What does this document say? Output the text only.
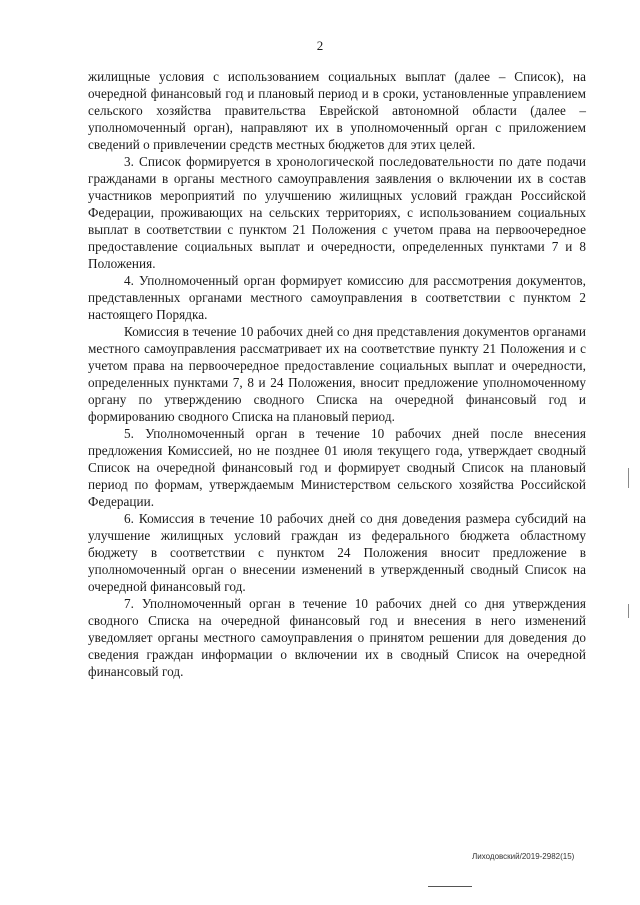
2

жилищные условия с использованием социальных выплат (далее – Список), на очередной финансовый год и плановый период и в сроки, установленные управлением сельского хозяйства правительства Еврейской автономной области (далее – уполномоченный орган), направляют их в уполномоченный орган с приложением сведений о привлечении средств местных бюджетов для этих целей.

3. Список формируется в хронологической последовательности по дате подачи гражданами в органы местного самоуправления заявления о включении их в состав участников мероприятий по улучшению жилищных условий граждан Российской Федерации, проживающих на сельских территориях, с использованием социальных выплат в соответствии с пунктом 21 Положения с учетом права на первоочередное предоставление социальных выплат и очередности, определенных пунктами 7 и 8 Положения.

4. Уполномоченный орган формирует комиссию для рассмотрения документов, представленных органами местного самоуправления в соответствии с пунктом 2 настоящего Порядка.

Комиссия в течение 10 рабочих дней со дня представления документов органами местного самоуправления рассматривает их на соответствие пункту 21 Положения и с учетом права на первоочередное предоставление социальных выплат и очередности, определенных пунктами 7, 8 и 24 Положения, вносит предложение уполномоченному органу по утверждению сводного Списка на очередной финансовый год и формированию сводного Списка на плановый период.

5. Уполномоченный орган в течение 10 рабочих дней после внесения предложения Комиссией, но не позднее 01 июля текущего года, утверждает сводный Список на очередной финансовый год и формирует сводный Список на плановый период по формам, утверждаемым Министерством сельского хозяйства Российской Федерации.

6. Комиссия в течение 10 рабочих дней со дня доведения размера субсидий на улучшение жилищных условий граждан из федерального бюджета областному бюджету в соответствии с пунктом 24 Положения вносит предложение в уполномоченный орган о внесении изменений в утвержденный сводный Список на очередной финансовый год.

7. Уполномоченный орган в течение 10 рабочих дней со дня утверждения сводного Списка на очередной финансовый год и внесения в него изменений уведомляет органы местного самоуправления о принятом решении для доведения до сведения граждан информации о включении их в сводный Список на очередной финансовый год.

Лиходовский/2019-2982(15)
